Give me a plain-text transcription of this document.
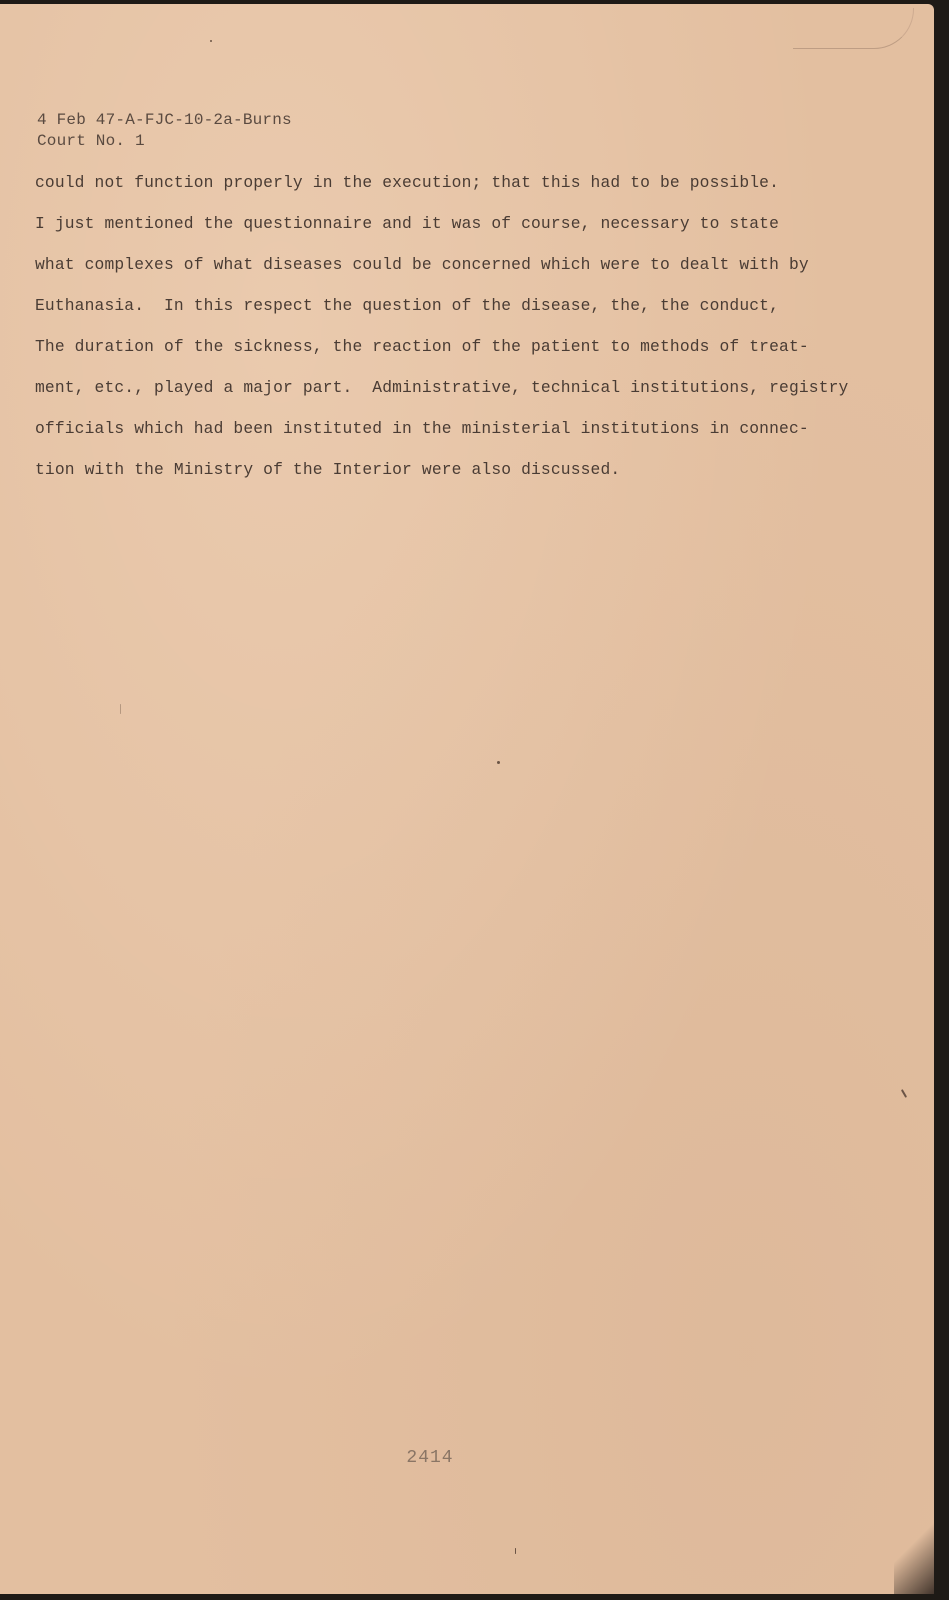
4 Feb 47-A-FJC-10-2a-Burns
Court No. 1
could not function properly in the execution; that this had to be possible.
I just mentioned the questionnaire and it was of course, necessary to state
what complexes of what diseases could be concerned which were to dealt with by
Euthanasia.  In this respect the question of the disease, the, the conduct,
The duration of the sickness, the reaction of the patient to methods of treat-
ment, etc., played a major part.  Administrative, technical institutions, registry
officials which had been instituted in the ministerial institutions in connec-
tion with the Ministry of the Interior were also discussed.
2414
